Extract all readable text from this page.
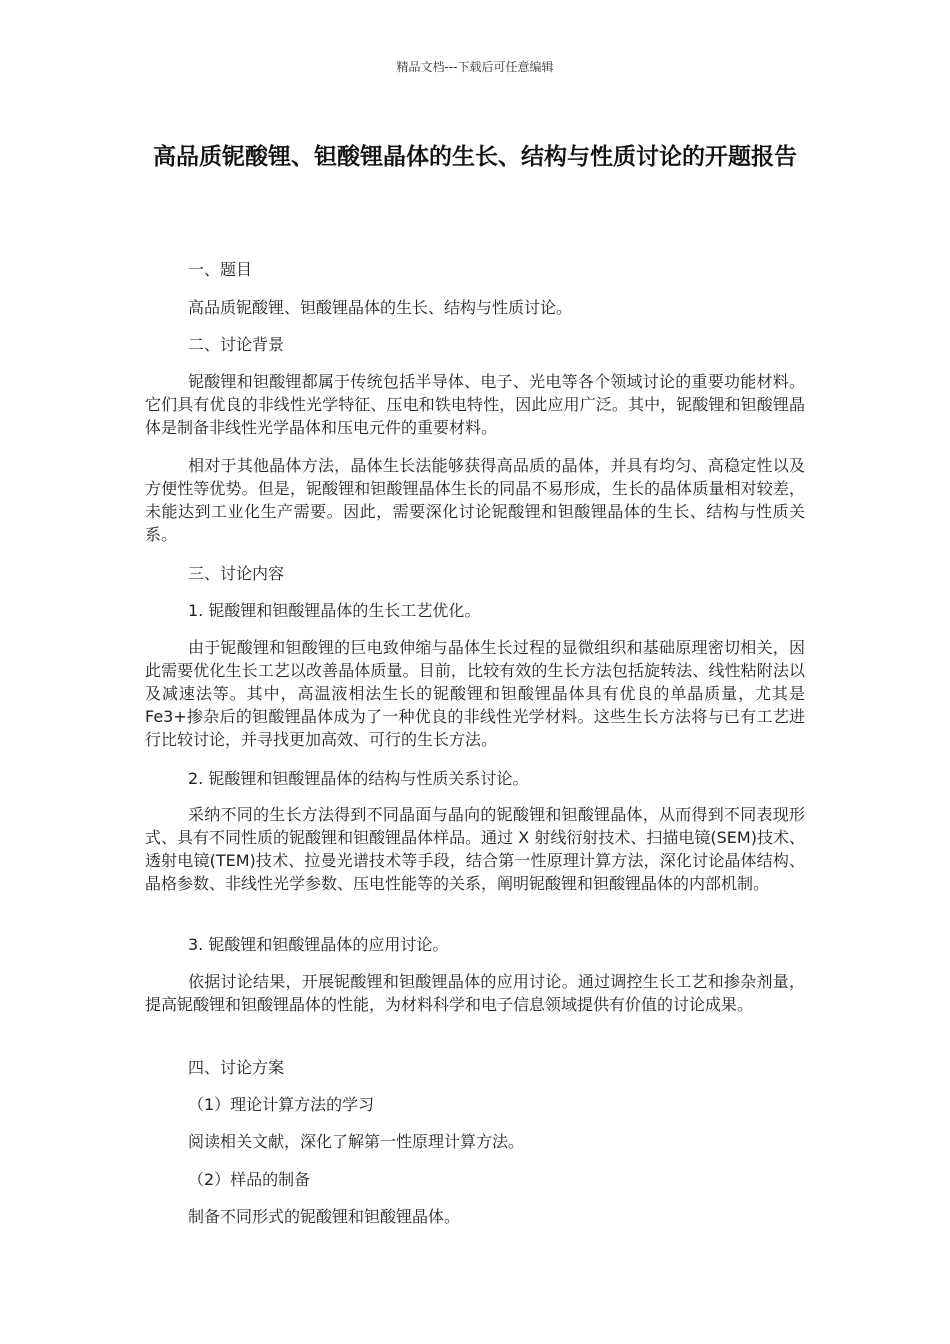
精品文档---下载后可任意编辑
高品质铌酸锂、钽酸锂晶体的生长、结构与性质讨论的开题报告
一、题目
高品质铌酸锂、钽酸锂晶体的生长、结构与性质讨论。
二、讨论背景
铌酸锂和钽酸锂都属于传统包括半导体、电子、光电等各个领域讨论的重要功能材料。它们具有优良的非线性光学特征、压电和铁电特性，因此应用广泛。其中，铌酸锂和钽酸锂晶体是制备非线性光学晶体和压电元件的重要材料。
相对于其他晶体方法，晶体生长法能够获得高品质的晶体，并具有均匀、高稳定性以及方便性等优势。但是，铌酸锂和钽酸锂晶体生长的同晶不易形成，生长的晶体质量相对较差，未能达到工业化生产需要。因此，需要深化讨论铌酸锂和钽酸锂晶体的生长、结构与性质关系。
三、讨论内容
1. 铌酸锂和钽酸锂晶体的生长工艺优化。
由于铌酸锂和钽酸锂的巨电致伸缩与晶体生长过程的显微组织和基础原理密切相关，因此需要优化生长工艺以改善晶体质量。目前，比较有效的生长方法包括旋转法、线性粘附法以及减速法等。其中，高温液相法生长的铌酸锂和钽酸锂晶体具有优良的单晶质量，尤其是Fe3+掺杂后的钽酸锂晶体成为了一种优良的非线性光学材料。这些生长方法将与已有工艺进行比较讨论，并寻找更加高效、可行的生长方法。
2. 铌酸锂和钽酸锂晶体的结构与性质关系讨论。
采纳不同的生长方法得到不同晶面与晶向的铌酸锂和钽酸锂晶体，从而得到不同表现形式、具有不同性质的铌酸锂和钽酸锂晶体样品。通过 X 射线衍射技术、扫描电镜(SEM)技术、透射电镜(TEM)技术、拉曼光谱技术等手段，结合第一性原理计算方法，深化讨论晶体结构、晶格参数、非线性光学参数、压电性能等的关系，阐明铌酸锂和钽酸锂晶体的内部机制。
3. 铌酸锂和钽酸锂晶体的应用讨论。
依据讨论结果，开展铌酸锂和钽酸锂晶体的应用讨论。通过调控生长工艺和掺杂剂量，提高铌酸锂和钽酸锂晶体的性能，为材料科学和电子信息领域提供有价值的讨论成果。
四、讨论方案
（1）理论计算方法的学习
阅读相关文献，深化了解第一性原理计算方法。
（2）样品的制备
制备不同形式的铌酸锂和钽酸锂晶体。
